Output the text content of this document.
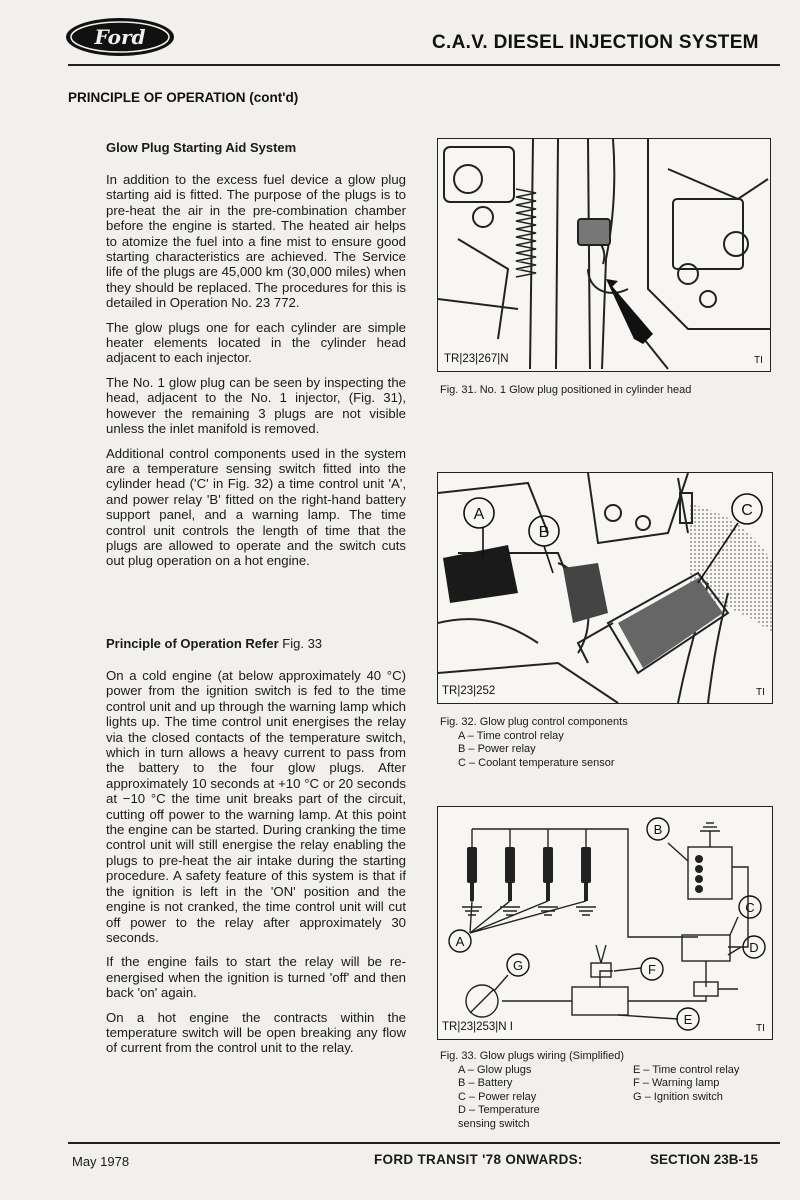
Ford	C.A.V. DIESEL INJECTION SYSTEM
PRINCIPLE OF OPERATION (cont'd)
Glow Plug Starting Aid System

In addition to the excess fuel device a glow plug starting aid is fitted. The purpose of the plugs is to pre-heat the air in the pre-combination chamber before the engine is started. The heated air helps to atomize the fuel into a fine mist to ensure good starting characteristics are achieved. The Service life of the plugs are 45,000 km (30,000 miles) when they should be replaced. The procedures for this is detailed in Operation No. 23 772.

The glow plugs one for each cylinder are simple heater elements located in the cylinder head adjacent to each injector.

The No. 1 glow plug can be seen by inspecting the head, adjacent to the No. 1 injector, (Fig. 31), however the remaining 3 plugs are not visible unless the inlet manifold is removed.

Additional control components used in the system are a temperature sensing switch fitted into the cylinder head ('C' in Fig. 32) a time control unit 'A', and power relay 'B' fitted on the right-hand battery support panel, and a warning lamp. The time control unit controls the length of time that the plugs are allowed to operate and the switch cuts out plug operation on a hot engine.

Principle of Operation Refer Fig. 33

On a cold engine (at below approximately 40 °C) power from the ignition switch is fed to the time control unit and up through the warning lamp which lights up. The time control unit energises the relay via the closed contacts of the temperature switch, which in turn allows a heavy current to pass from the battery to the four glow plugs. After approximately 10 seconds at +10 °C or 20 seconds at −10 °C the time unit breaks part of the circuit, cutting off power to the warning lamp. At this point the engine can be started. During cranking the time control unit will still energise the relay enabling the plugs to pre-heat the air intake during the starting procedure. A safety feature of this system is that if the ignition is left in the 'ON' position and the engine is not cranked, the time control unit will cut off power to the relay after approximately 30 seconds.

If the engine fails to start the relay will be re-energised when the ignition is turned 'off' and then back 'on' again.

On a hot engine the contracts within the temperature switch will be open breaking any flow of current from the control unit to the relay.

TR|23|267|N	TI
Fig. 31. No. 1 Glow plug positioned in cylinder head
A
B
C
TR|23|252	TI
Fig. 32. Glow plug control components
A – Time control relay
B – Power relay
C – Coolant temperature sensor
A
B
C
D
E
F
G
TR|23|253|N I	TI
Fig. 33. Glow plugs wiring (Simplified)
A – Glow plugs	E – Time control relay
B – Battery	F – Warning lamp
C – Power relay	G – Ignition switch
D – Temperature sensing switch
May 1978	FORD TRANSIT '78 ONWARDS:	SECTION 23B-15
